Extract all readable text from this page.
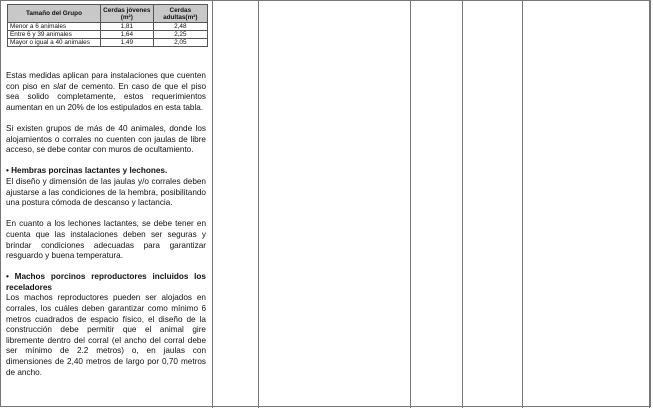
Tamaño del Grupo	Cerdas jóvenes (m²)	Cerdas adultas(m²)
Menor a 6 animales	1,81	2,48
Entre 6 y 39 animales	1,64	2,25
Mayor o igual a 40 animales	1,49	2,05

Estas medidas aplican para instalaciones que cuenten con piso en slat de cemento. En caso de que el piso sea solido completamente, estos requerimientos aumentan en un 20% de los estipulados en esta tabla.

Si existen grupos de más de 40 animales, donde los alojamientos o corrales no cuenten con jaulas de libre acceso, se debe contar con muros de ocultamiento.

• Hembras porcinas lactantes y lechones.

El diseño y dimensión de las jaulas y/o corrales deben ajustarse a las condiciones de la hembra, posibilitando una postura cómoda de descanso y lactancia.

En cuanto a los lechones lactantes, se debe tener en cuenta que las instalaciones deben ser seguras y brindar condiciones adecuadas para garantizar resguardo y buena temperatura.

• Machos porcinos reproductores incluidos los receladores

Los machos reproductores pueden ser alojados en corrales, los cuáles deben garantizar como mínimo 6 metros cuadrados de espacio físico, el diseño de la construcción debe permitir que el animal gire libremente dentro del corral (el ancho del corral debe ser mínimo de 2.2 metros) o, en jaulas con dimensiones de 2,40 metros de largo por 0,70 metros de ancho.
